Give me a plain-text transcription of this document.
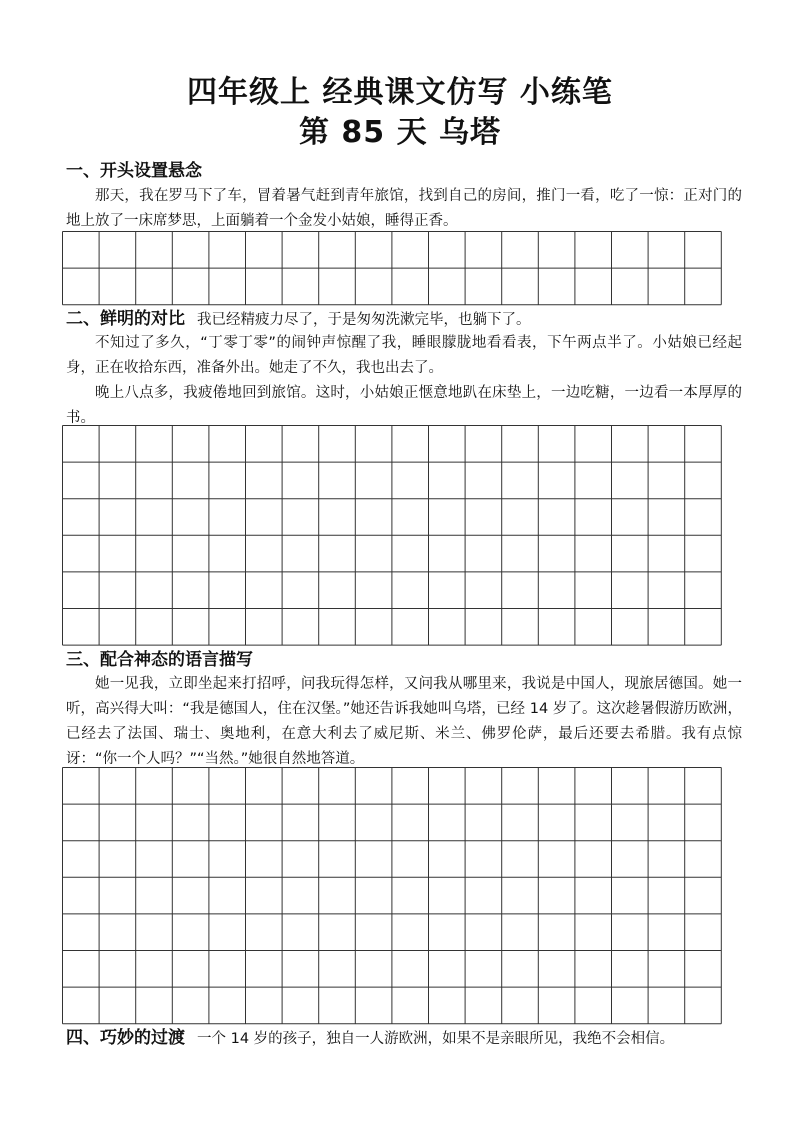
四年级上 经典课文仿写 小练笔
第 85 天 乌塔
一、开头设置悬念

那天，我在罗马下了车，冒着暑气赶到青年旅馆，找到自己的房间，推门一看，吃了一惊：正对门的地上放了一床席梦思，上面躺着一个金发小姑娘，睡得正香。

二、鲜明的对比 我已经精疲力尽了，于是匆匆洗漱完毕，也躺下了。

不知过了多久，“丁零丁零”的闹钟声惊醒了我，睡眼朦胧地看看表，下午两点半了。小姑娘已经起身，正在收拾东西，准备外出。她走了不久，我也出去了。

晚上八点多，我疲倦地回到旅馆。这时，小姑娘正惬意地趴在床垫上，一边吃糖，一边看一本厚厚的书。

三、配合神态的语言描写

她一见我，立即坐起来打招呼，问我玩得怎样，又问我从哪里来，我说是中国人，现旅居德国。她一听，高兴得大叫：“我是德国人，住在汉堡。”她还告诉我她叫乌塔，已经 14 岁了。这次趁暑假游历欧洲，已经去了法国、瑞士、奥地利，在意大利去了威尼斯、米兰、佛罗伦萨，最后还要去希腊。我有点惊讶：“你一个人吗？”“当然。”她很自然地答道。

四、巧妙的过渡 一个 14 岁的孩子，独自一人游欧洲，如果不是亲眼所见，我绝不会相信。
